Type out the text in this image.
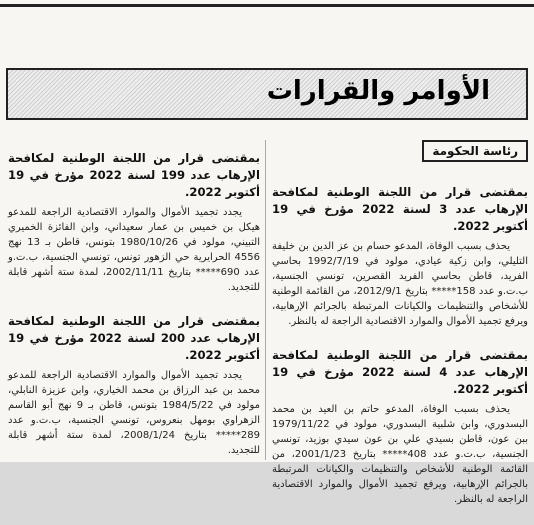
الأوامر والقرارات
رئاسة الحكومة
بمقتضى قرار من اللجنة الوطنية لمكافحة الإرهاب عدد 3 لسنة 2022 مؤرخ في 19 أكتوبر 2022.
يحذف بسبب الوفاة، المدعو حسام بن عز الدين بن خليفة التليلي، وابن زكية عيادي، مولود في 1992/7/19 بحاسي الفريد، قاطن بحاسي الفريد القصرين، تونسي الجنسية، ب.ت.و عدد 158***** بتاريخ 2012/9/1، من القائمة الوطنية للأشخاص والتنظيمات والكيانات المرتبطة بالجرائم الإرهابية، ويرفع تجميد الأموال والموارد الاقتصادية الراجعة له بالنظر.
بمقتضى قرار من اللجنة الوطنية لمكافحة الإرهاب عدد 4 لسنة 2022 مؤرخ في 19 أكتوبر 2022.
يحذف بسبب الوفاة، المدعو حاتم بن العيد بن محمد البسدوري، وابن شلبية البسدوري، مولود في 1979/11/22 ببن عون، قاطن بسيدي علي بن عون سيدي بوزيد، تونسي الجنسية، ب.ت.و عدد 408***** بتاريخ 2001/1/23، من القائمة الوطنية للأشخاص والتنظيمات والكيانات المرتبطة بالجرائم الإرهابية، ويرفع تجميد الأموال والموارد الاقتصادية الراجعة له بالنظر.
بمقتضى قرار من اللجنة الوطنية لمكافحة الإرهاب عدد 199 لسنة 2022 مؤرخ في 19 أكتوبر 2022.
يجدد تجميد الأموال والموارد الاقتصادية الراجعة للمدعو هيكل بن خميس بن عمار سعيداني، وابن الفائزة الخميري التبيني، مولود في 1980/10/26 بتونس، قاطن بـ 13 نهج 4556 الحرايرية حي الزهور تونس، تونسي الجنسية، ب.ت.و عدد 690***** بتاريخ 2002/11/11، لمدة ستة أشهر قابلة للتجديد.
بمقتضى قرار من اللجنة الوطنية لمكافحة الإرهاب عدد 200 لسنة 2022 مؤرخ في 19 أكتوبر 2022.
يجدد تجميد الأموال والموارد الاقتصادية الراجعة للمدعو محمد بن عبد الرزاق بن محمد الخياري، وابن عزيزة النابلي، مولود في 1984/5/22 بتونس، قاطن بـ 9 نهج أبو القاسم الزهراوي بومهل بنعروس، تونسي الجنسية، ب.ت.و عدد 289***** بتاريخ 2008/1/24، لمدة ستة أشهر قابلة للتجديد.
